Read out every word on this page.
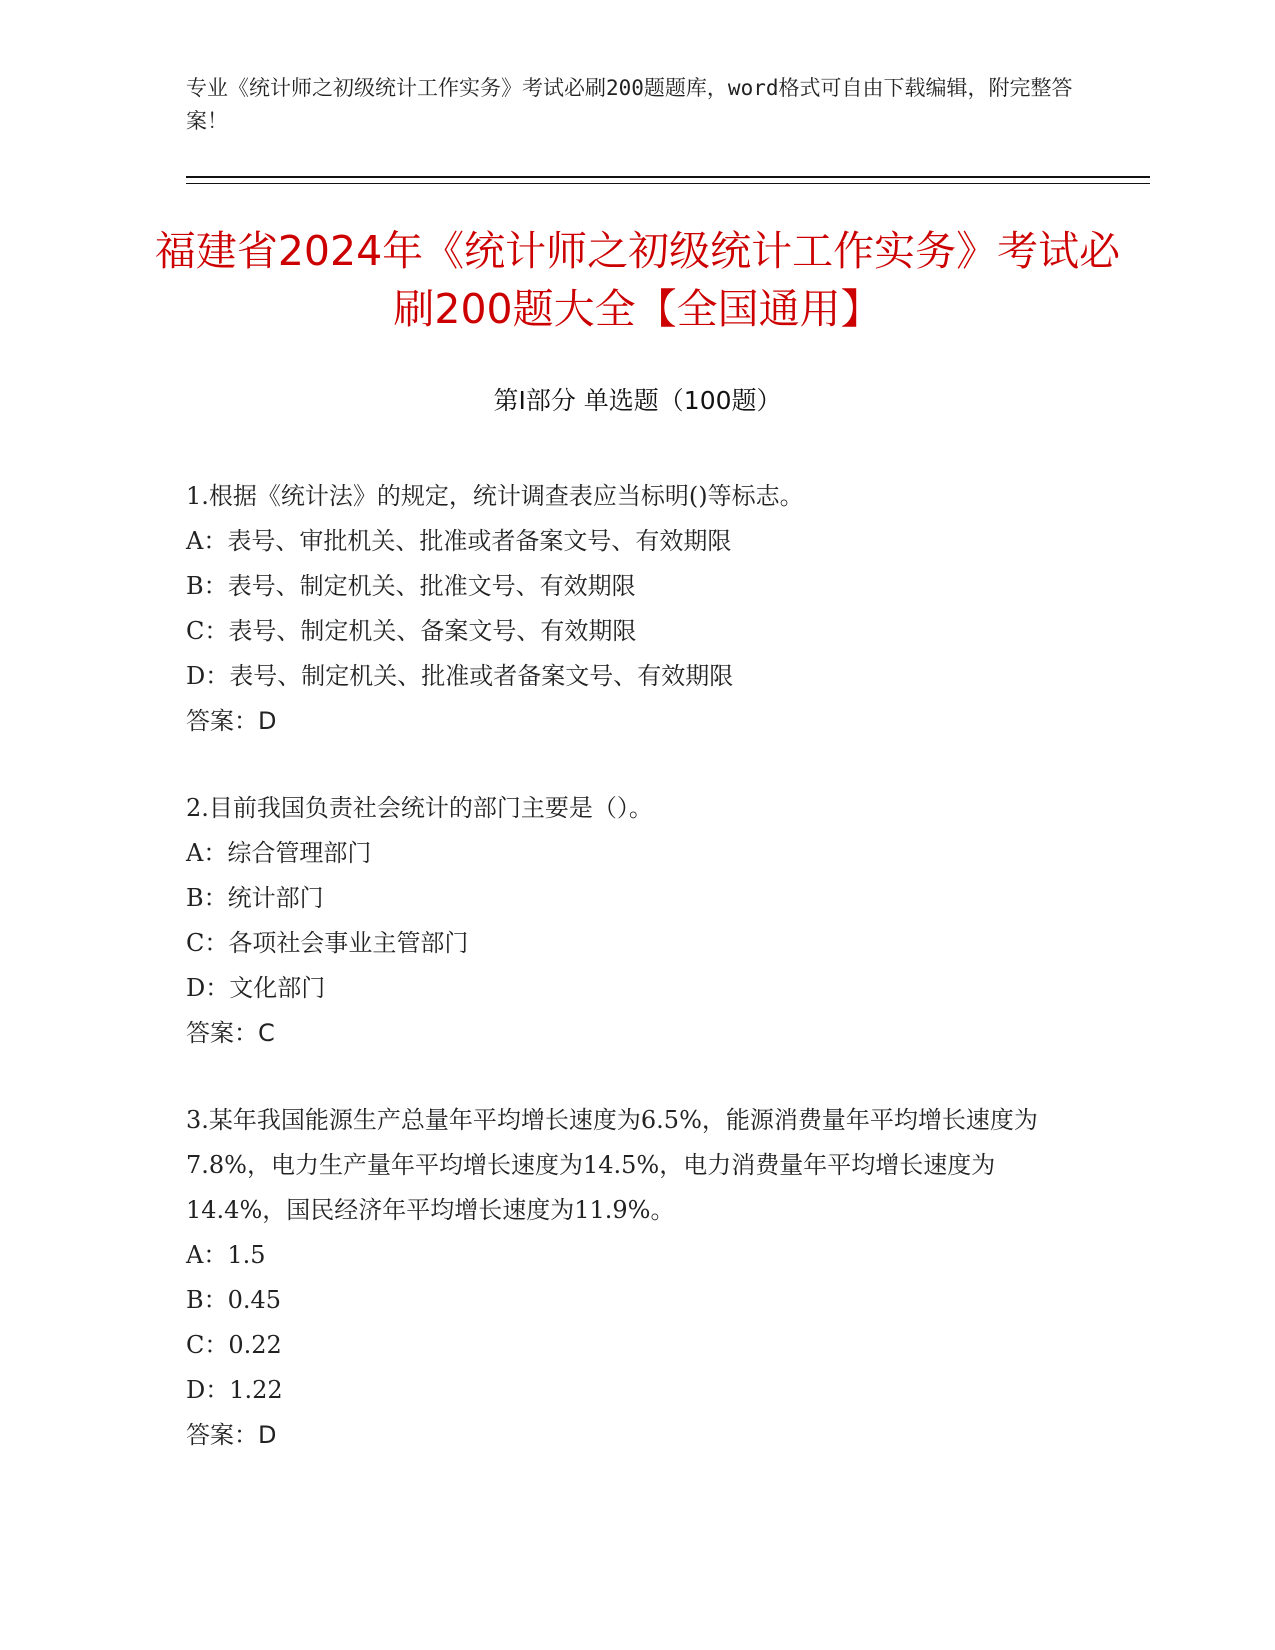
专业《统计师之初级统计工作实务》考试必刷200题题库，word格式可自由下载编辑，附完整答案！
福建省2024年《统计师之初级统计工作实务》考试必刷200题大全【全国通用】
第Ⅰ部分 单选题（100题）
1.根据《统计法》的规定，统计调查表应当标明()等标志。
A：表号、审批机关、批准或者备案文号、有效期限
B：表号、制定机关、批准文号、有效期限
C：表号、制定机关、备案文号、有效期限
D：表号、制定机关、批准或者备案文号、有效期限
答案：D
2.目前我国负责社会统计的部门主要是（）。
A：综合管理部门
B：统计部门
C：各项社会事业主管部门
D：文化部门
答案：C
3.某年我国能源生产总量年平均增长速度为6.5%，能源消费量年平均增长速度为7.8%，电力生产量年平均增长速度为14.5%，电力消费量年平均增长速度为14.4%，国民经济年平均增长速度为11.9%。
A：1.5
B：0.45
C：0.22
D：1.22
答案：D
